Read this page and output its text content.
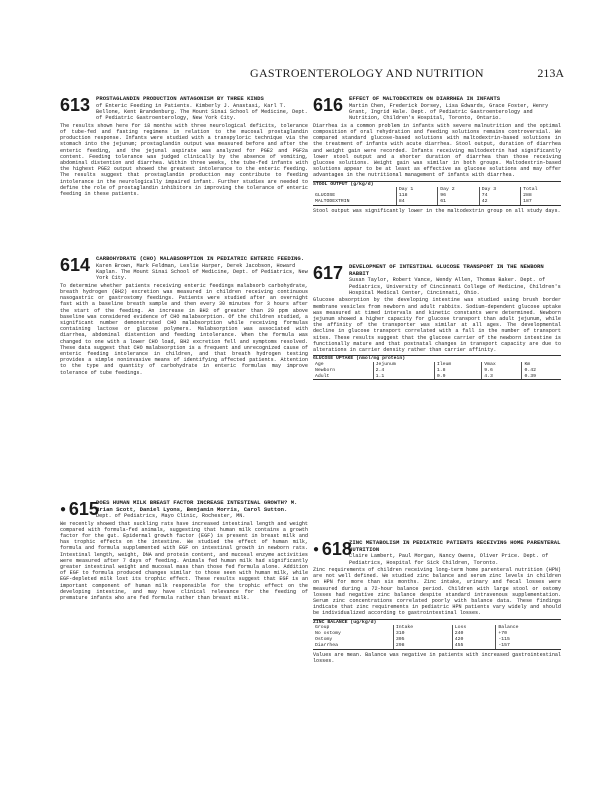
GASTROENTEROLOGY AND NUTRITION	213A
613 PROSTAGLANDIN PRODUCTION ANTAGONISM BY THREE KINDS
of Enteric Feeding in Patients. Kimberly J. Anastasi, Karl T. Bellone, Kent Brandenburg. The Mount Sinai School of Medicine, Dept. of Pediatric Gastroenterology, New York City.
The results shown here for 18 months with three neurological deficits, tolerance of tube-fed and fasting regimens in relation to the mucosal prostaglandin production response. Infants were studied with a transpyloric technique via the stomach into the jejunum; prostaglandin output was measured before and after the enteric feeding, and the jejunal aspirate was analyzed for PGE2 and PGF2a content. Feeding tolerance was judged clinically by the absence of vomiting, abdominal distention and diarrhea. Within three weeks, the tube-fed infants with the highest PGE2 output showed the greatest intolerance to the enteric feeding. The results suggest that prostaglandin production may contribute to feeding intolerance in the neurologically impaired infant. Further studies are needed to define the role of prostaglandin inhibitors in improving the tolerance of enteric feeding in these patients.
614 CARBOHYDRATE (CHO) MALABSORPTION IN PEDIATRIC ENTERIC FEEDING.
Karen Brown, Mark Feldman, Leslie Harper, Derek Jacobson, Howard Kaplan. The Mount Sinai School of Medicine, Dept. of Pediatrics, New York City.
To determine whether patients receiving enteric feedings malabsorb carbohydrate, breath hydrogen (BH2) excretion was measured in children receiving continuous nasogastric or gastrostomy feedings. Patients were studied after an overnight fast with a baseline breath sample and then every 30 minutes for 3 hours after the start of the feeding. An increase in BH2 of greater than 20 ppm above baseline was considered evidence of CHO malabsorption. Of the children studied, a significant number demonstrated CHO malabsorption while receiving formulas containing lactose or glucose polymers. Malabsorption was associated with diarrhea, abdominal distention and feeding intolerance. When the formula was changed to one with a lower CHO load, BH2 excretion fell and symptoms resolved. These data suggest that CHO malabsorption is a frequent and unrecognized cause of enteric feeding intolerance in children, and that breath hydrogen testing provides a simple noninvasive means of identifying affected patients. Attention to the type and quantity of carbohydrate in enteric formulas may improve tolerance of tube feedings.
● 615
DOES HUMAN MILK BREAST FACTOR INCREASE INTESTINAL GROWTH? M. Brian Scott, Daniel Lyons, Benjamin Morris, Carol Sutton.
Dept. of Pediatrics, Mayo Clinic, Rochester, MN.
We recently showed that suckling rats have increased intestinal length and weight compared with formula-fed animals, suggesting that human milk contains a growth factor for the gut. Epidermal growth factor (EGF) is present in breast milk and has trophic effects on the intestine. We studied the effect of human milk, formula and formula supplemented with EGF on intestinal growth in newborn rats. Intestinal length, weight, DNA and protein content, and mucosal enzyme activities were measured after 7 days of feeding. Animals fed human milk had significantly greater intestinal weight and mucosal mass than those fed formula alone. Addition of EGF to formula produced changes similar to those seen with human milk, while EGF-depleted milk lost its trophic effect. These results suggest that EGF is an important component of human milk responsible for the trophic effect on the developing intestine, and may have clinical relevance for the feeding of premature infants who are fed formula rather than breast milk.
616 EFFECT OF MALTODEXTRIN ON DIARRHEA IN INFANTS
Martin Chen, Frederick Dorsey, Lisa Edwards, Grace Foster, Henry Grant, Ingrid Hale. Dept. of Pediatric Gastroenterology and Nutrition, Children's Hospital, Toronto, Ontario.
Diarrhea is a common problem in infants with severe malnutrition and the optimal composition of oral rehydration and feeding solutions remains controversial. We compared standard glucose-based solutions with maltodextrin-based solutions in the treatment of infants with acute diarrhea. Stool output, duration of diarrhea and weight gain were recorded. Infants receiving maltodextrin had significantly lower stool output and a shorter duration of diarrhea than those receiving glucose solutions. Weight gain was similar in both groups. Maltodextrin-based solutions appear to be at least as effective as glucose solutions and may offer advantages in the nutritional management of infants with diarrhea.
STOOL OUTPUT (g/kg/d)
	Day 1	Day 2	Day 3	Total
GLUCOSE	118	96	74	288
MALTODEXTRIN	84	61	42	187
Stool output was significantly lower in the maltodextrin group on all study days.
617 DEVELOPMENT OF INTESTINAL GLUCOSE TRANSPORT IN THE NEWBORN RABBIT
Susan Taylor, Robert Vance, Wendy Allen, Thomas Baker. Dept. of Pediatrics, University of Cincinnati College of Medicine, Children's Hospital Medical Center, Cincinnati, Ohio.
Glucose absorption by the developing intestine was studied using brush border membrane vesicles from newborn and adult rabbits. Sodium-dependent glucose uptake was measured at timed intervals and kinetic constants were determined. Newborn jejunum showed a higher capacity for glucose transport than adult jejunum, while the affinity of the transporter was similar at all ages. The developmental decline in glucose transport correlated with a fall in the number of transport sites. These results suggest that the glucose carrier of the newborn intestine is functionally mature and that postnatal changes in transport capacity are due to alterations in carrier density rather than carrier affinity.
GLUCOSE UPTAKE (nmol/mg protein)
Age	Jejunum	Ileum	Vmax	Km
Newborn	2.4	1.8	9.6	0.42
Adult	1.1	0.9	4.3	0.39
● 618
ZINC METABOLISM IN PEDIATRIC PATIENTS RECEIVING HOME PARENTERAL NUTRITION
Claire Lambert, Paul Morgan, Nancy Owens, Oliver Price. Dept. of Pediatrics, Hospital for Sick Children, Toronto.
Zinc requirements of children receiving long-term home parenteral nutrition (HPN) are not well defined. We studied zinc balance and serum zinc levels in children on HPN for more than six months. Zinc intake, urinary and fecal losses were measured during a 72-hour balance period. Children with large stool or ostomy losses had negative zinc balance despite standard intravenous supplementation. Serum zinc concentrations correlated poorly with balance data. These findings indicate that zinc requirements in pediatric HPN patients vary widely and should be individualized according to gastrointestinal losses.
ZINC BALANCE (ug/kg/d)
Group	Intake	Loss	Balance
No ostomy	310	240	+70
Ostomy	305	420	-115
Diarrhea	298	455	-157
Values are mean. Balance was negative in patients with increased gastrointestinal losses.
